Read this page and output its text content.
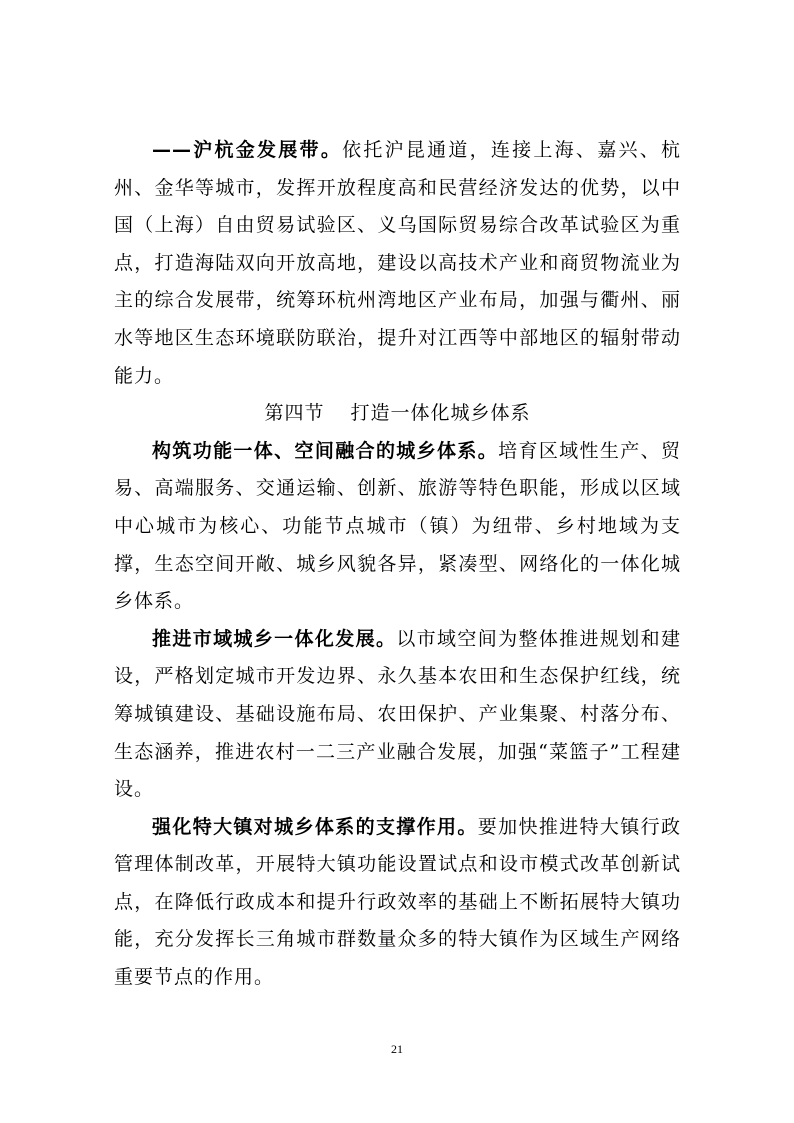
——沪杭金发展带。依托沪昆通道，连接上海、嘉兴、杭州、金华等城市，发挥开放程度高和民营经济发达的优势，以中国（上海）自由贸易试验区、义乌国际贸易综合改革试验区为重点，打造海陆双向开放高地，建设以高技术产业和商贸物流业为主的综合发展带，统筹环杭州湾地区产业布局，加强与衢州、丽水等地区生态环境联防联治，提升对江西等中部地区的辐射带动能力。

第四节 打造一体化城乡体系

构筑功能一体、空间融合的城乡体系。培育区域性生产、贸易、高端服务、交通运输、创新、旅游等特色职能，形成以区域中心城市为核心、功能节点城市（镇）为纽带、乡村地域为支撑，生态空间开敞、城乡风貌各异，紧凑型、网络化的一体化城乡体系。

推进市域城乡一体化发展。以市域空间为整体推进规划和建设，严格划定城市开发边界、永久基本农田和生态保护红线，统筹城镇建设、基础设施布局、农田保护、产业集聚、村落分布、生态涵养，推进农村一二三产业融合发展，加强“菜篮子”工程建设。

强化特大镇对城乡体系的支撑作用。要加快推进特大镇行政管理体制改革，开展特大镇功能设置试点和设市模式改革创新试点，在降低行政成本和提升行政效率的基础上不断拓展特大镇功能，充分发挥长三角城市群数量众多的特大镇作为区域生产网络重要节点的作用。

21
